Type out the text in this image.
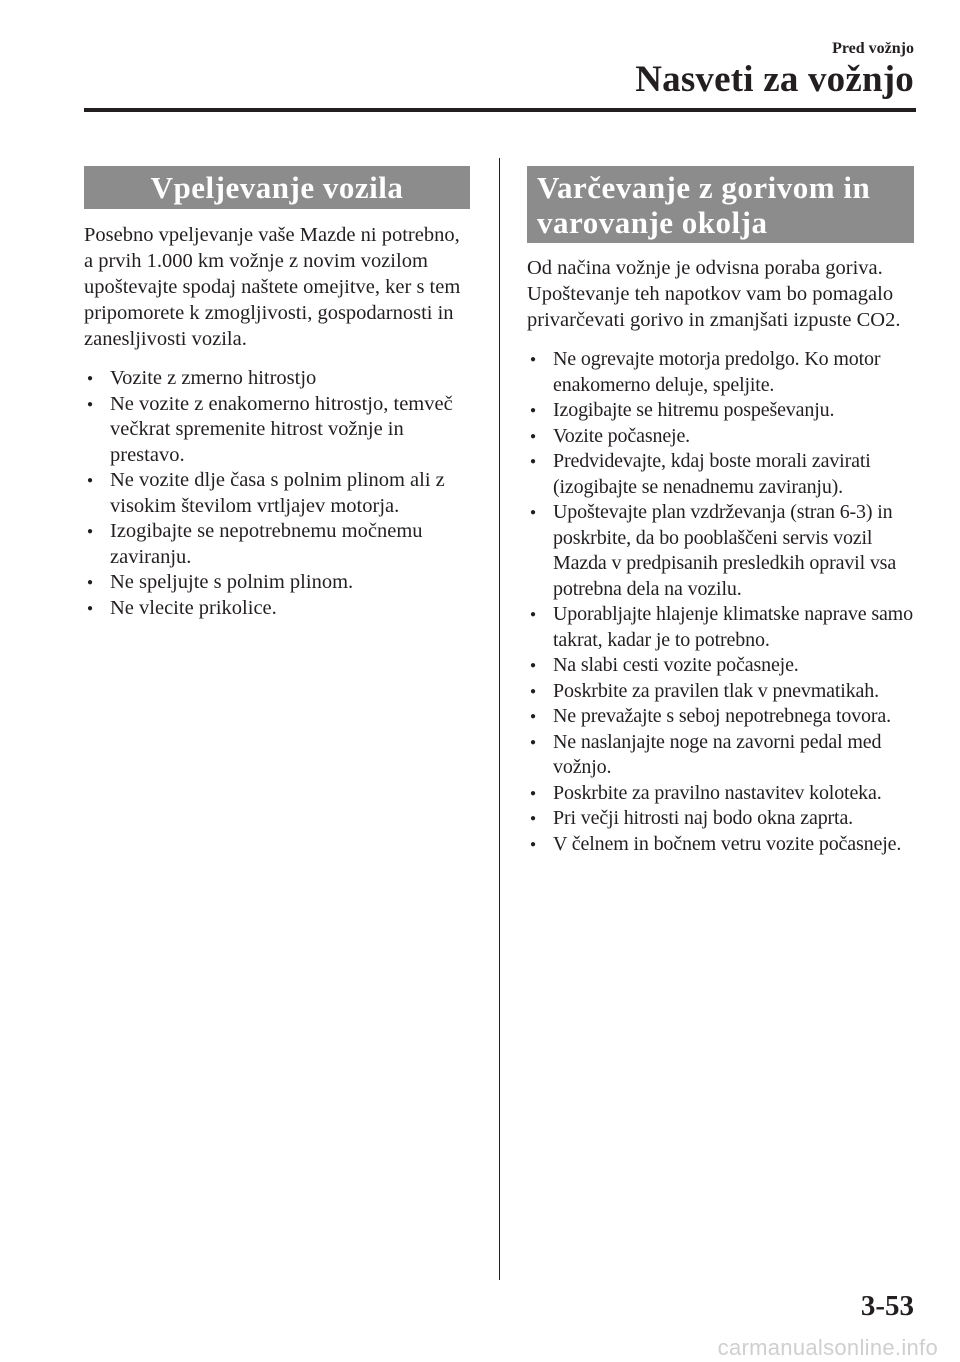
Pred vožnjo
Nasveti za vožnjo
Vpeljevanje vozila

Posebno vpeljevanje vaše Mazde ni potrebno, a prvih 1.000 km vožnje z novim vozilom upoštevajte spodaj naštete omejitve, ker s tem pripomorete k zmogljivosti, gospodarnosti in zanesljivosti vozila.

● Vozite z zmerno hitrostjo
● Ne vozite z enakomerno hitrostjo, temveč večkrat spremenite hitrost vožnje in prestavo.
● Ne vozite dlje časa s polnim plinom ali z visokim številom vrtljajev motorja.
● Izogibajte se nepotrebnemu močnemu zaviranju.
● Ne speljujte s polnim plinom.
● Ne vlecite prikolice.
Varčevanje z gorivom in varovanje okolja

Od načina vožnje je odvisna poraba goriva. Upoštevanje teh napotkov vam bo pomagalo privarčevati gorivo in zmanjšati izpuste CO2.

● Ne ogrevajte motorja predolgo. Ko motor enakomerno deluje, speljite.
● Izogibajte se hitremu pospeševanju.
● Vozite počasneje.
● Predvidevajte, kdaj boste morali zavirati (izogibajte se nenadnemu zaviranju).
● Upoštevajte plan vzdrževanja (stran 6-3) in poskrbite, da bo pooblaščeni servis vozil Mazda v predpisanih presledkih opravil vsa potrebna dela na vozilu.
● Uporabljajte hlajenje klimatske naprave samo takrat, kadar je to potrebno.
● Na slabi cesti vozite počasneje.
● Poskrbite za pravilen tlak v pnevmatikah.
● Ne prevažajte s seboj nepotrebnega tovora.
● Ne naslanjajte noge na zavorni pedal med vožnjo.
● Poskrbite za pravilno nastavitev koloteka.
● Pri večji hitrosti naj bodo okna zaprta.
● V čelnem in bočnem vetru vozite počasneje.
3-53
carmanualsonline.info
